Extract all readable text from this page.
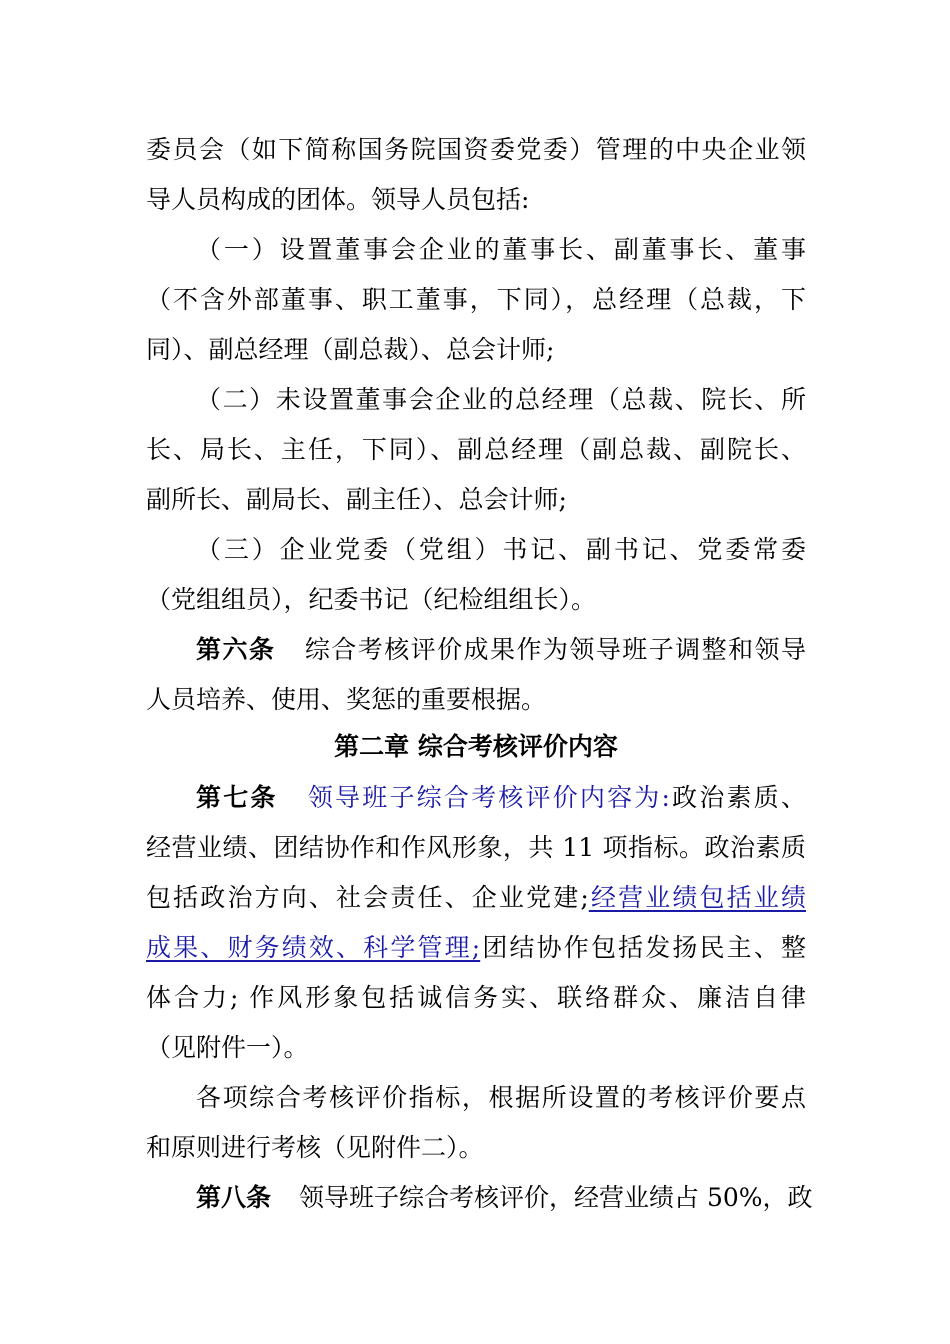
委员会（如下简称国务院国资委党委）管理的中央企业领
导人员构成的团体。领导人员包括:
（一）设置董事会企业的董事长、副董事长、董事
（不含外部董事、职工董事，下同），总经理（总裁，下
同）、副总经理（副总裁）、总会计师;
（二）未设置董事会企业的总经理（总裁、院长、所
长、局长、主任，下同）、副总经理（副总裁、副院长、
副所长、副局长、副主任）、总会计师;
（三）企业党委（党组）书记、副书记、党委常委
（党组组员），纪委书记（纪检组组长）。
第六条 综合考核评价成果作为领导班子调整和领导
人员培养、使用、奖惩的重要根据。
第二章 综合考核评价内容
第七条 领导班子综合考核评价内容为:政治素质、
经营业绩、团结协作和作风形象，共 11 项指标。政治素质
包括政治方向、社会责任、企业党建;经营业绩包括业绩
成果、财务绩效、科学管理;团结协作包括发扬民主、整
体合力; 作风形象包括诚信务实、联络群众、廉洁自律
（见附件一）。
各项综合考核评价指标，根据所设置的考核评价要点
和原则进行考核（见附件二）。
第八条 领导班子综合考核评价，经营业绩占 50%，政
